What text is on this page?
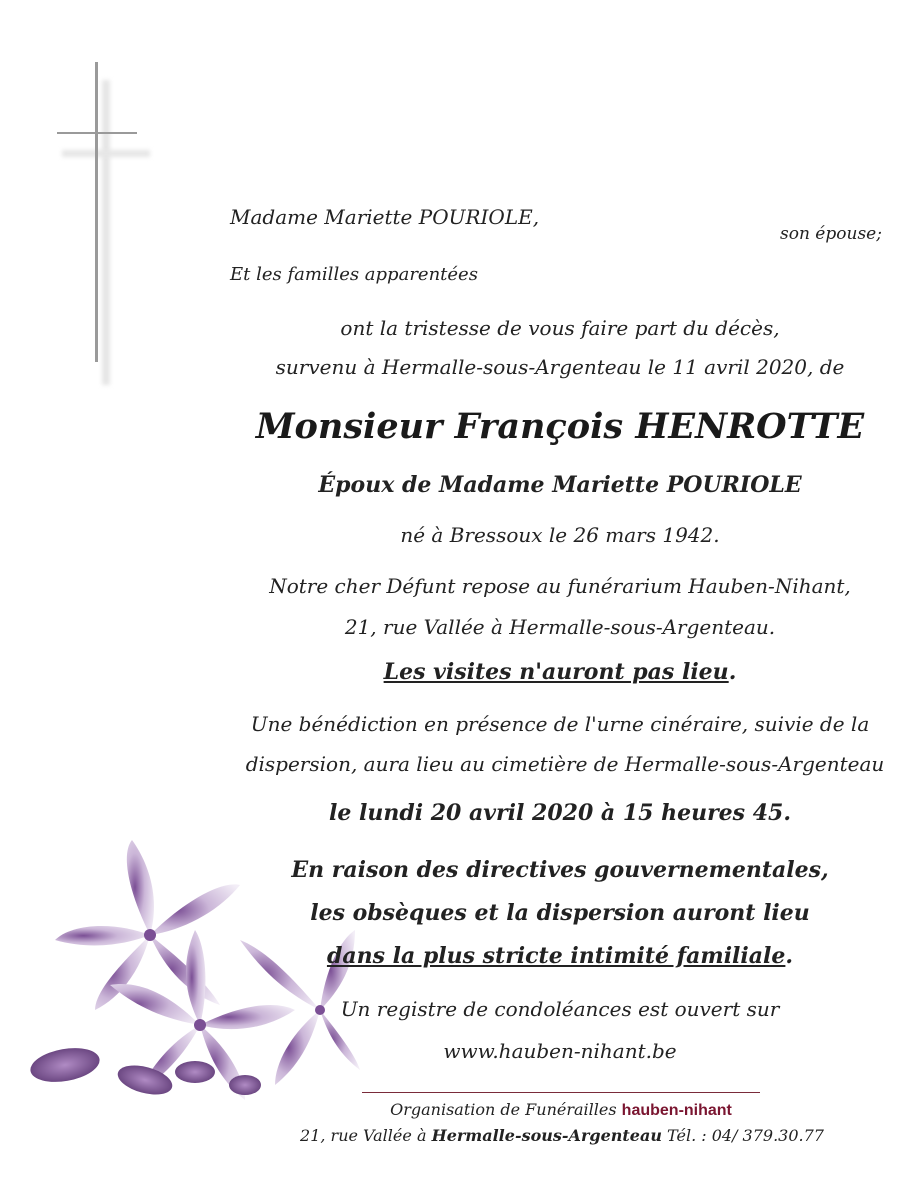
Madame Mariette POURIOLE,
son épouse;
Et les familles apparentées
ont la tristesse de vous faire part du décès,
survenu à Hermalle-sous-Argenteau le 11 avril 2020, de
Monsieur François HENROTTE
Époux de Madame Mariette POURIOLE
né à Bressoux le 26 mars 1942.
Notre cher Défunt repose au funérarium Hauben-Nihant,
21, rue Vallée à Hermalle-sous-Argenteau.
Les visites n'auront pas lieu.
Une bénédiction en présence de l'urne cinéraire, suivie de la
dispersion, aura lieu au cimetière de Hermalle-sous-Argenteau
le lundi 20 avril 2020 à 15 heures 45.
En raison des directives gouvernementales,
les obsèques et la dispersion auront lieu
dans la plus stricte intimité familiale.
Un registre de condoléances est ouvert sur
www.hauben-nihant.be
Organisation de Funérailles hauben-nihant
21, rue Vallée à Hermalle-sous-Argenteau Tél. : 04/ 379.30.77
